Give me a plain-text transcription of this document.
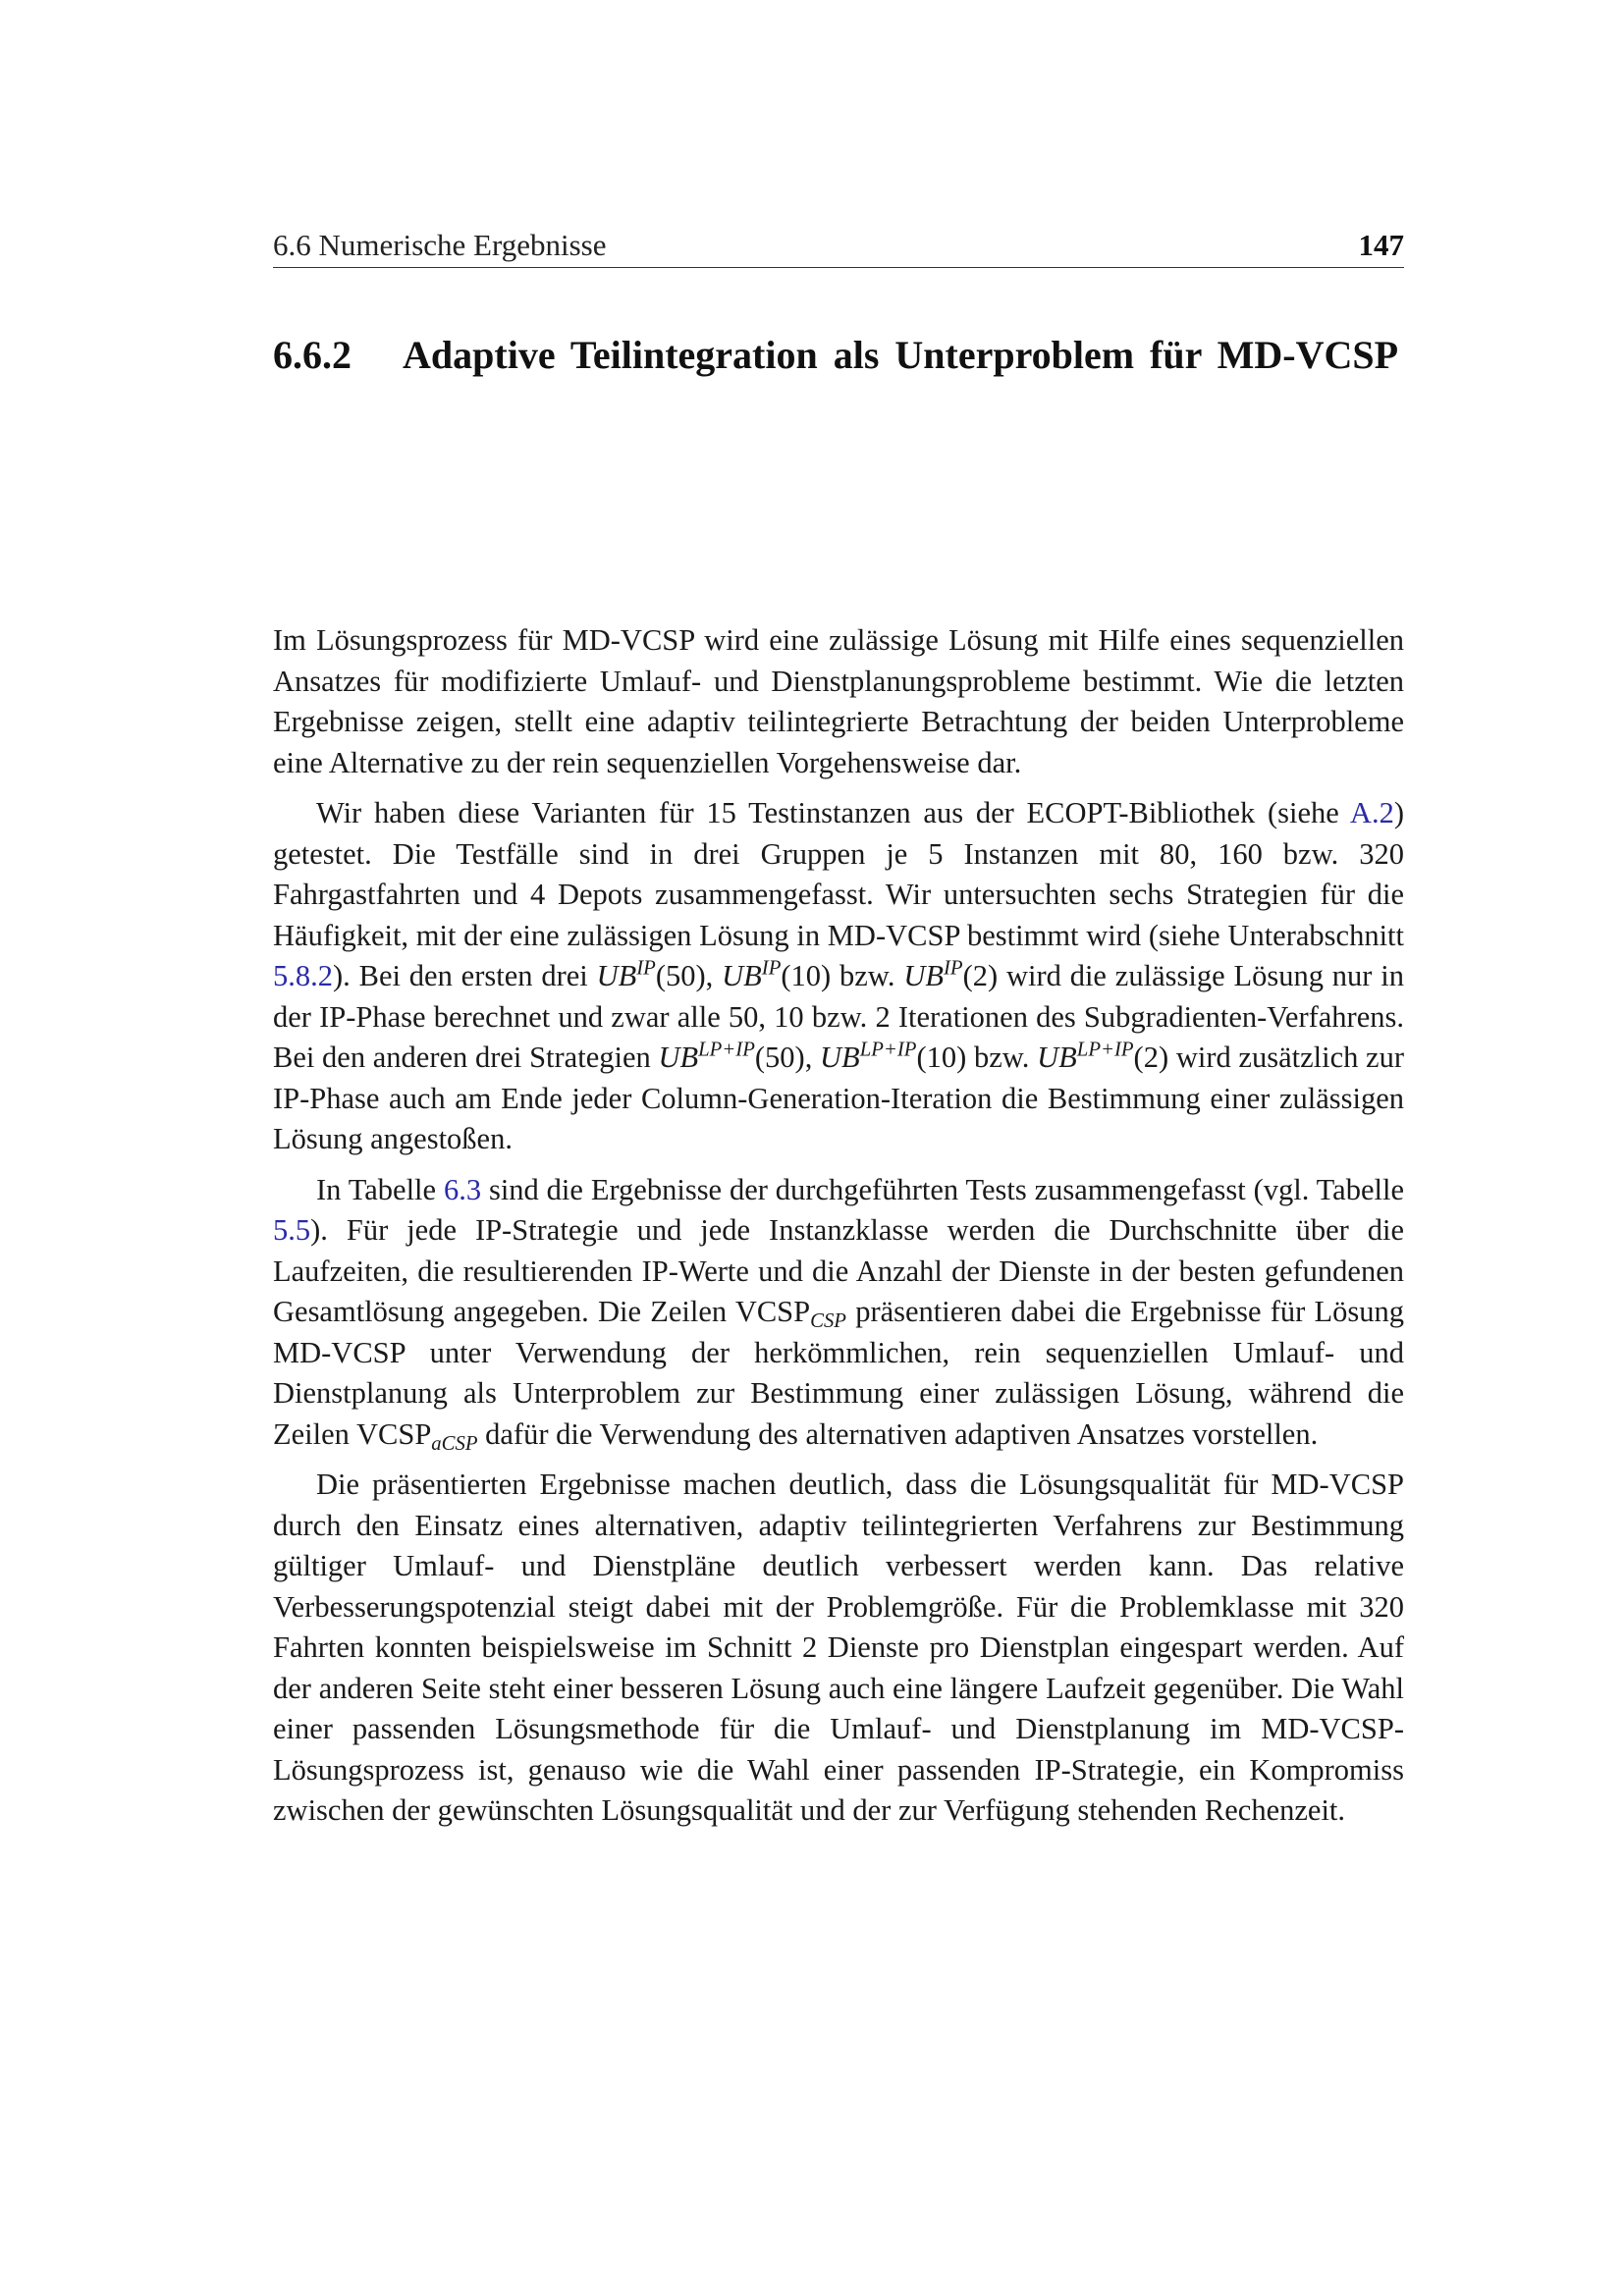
6.6 Numerische Ergebnisse	147
6.6.2 Adaptive Teilintegration als Unterproblem für MD-VCSP

Im Lösungsprozess für MD-VCSP wird eine zulässige Lösung mit Hilfe eines sequenziellen Ansatzes für modifizierte Umlauf- und Dienstplanungsprobleme bestimmt. Wie die letzten Ergebnisse zeigen, stellt eine adaptiv teilintegrierte Betrachtung der beiden Unterprobleme eine Alternative zu der rein sequenziellen Vorgehensweise dar.

Wir haben diese Varianten für 15 Testinstanzen aus der ECOPT-Bibliothek (siehe A.2) getestet. Die Testfälle sind in drei Gruppen je 5 Instanzen mit 80, 160 bzw. 320 Fahrgastfahrten und 4 Depots zusammengefasst. Wir untersuchten sechs Strategien für die Häufigkeit, mit der eine zulässigen Lösung in MD-VCSP bestimmt wird (siehe Unterabschnitt 5.8.2). Bei den ersten drei $UB^{IP}(50)$, $UB^{IP}(10)$ bzw. $UB^{IP}(2)$ wird die zulässige Lösung nur in der IP-Phase berechnet und zwar alle 50, 10 bzw. 2 Iterationen des Subgradienten-Verfahrens. Bei den anderen drei Strategien $UB^{LP+IP}(50)$, $UB^{LP+IP}(10)$ bzw. $UB^{LP+IP}(2)$ wird zusätzlich zur IP-Phase auch am Ende jeder Column-Generation-Iteration die Bestimmung einer zulässigen Lösung angestoßen.

In Tabelle 6.3 sind die Ergebnisse der durchgeführten Tests zusammengefasst (vgl. Tabelle 5.5). Für jede IP-Strategie und jede Instanzklasse werden die Durchschnitte über die Laufzeiten, die resultierenden IP-Werte und die Anzahl der Dienste in der besten gefundenen Gesamtlösung angegeben. Die Zeilen $VCSP_{CSP}$ präsentieren dabei die Ergebnisse für Lösung MD-VCSP unter Verwendung der herkömmlichen, rein sequenziellen Umlauf- und Dienstplanung als Unterproblem zur Bestimmung einer zulässigen Lösung, während die Zeilen $VCSP_{aCSP}$ dafür die Verwendung des alternativen adaptiven Ansatzes vorstellen.

Die präsentierten Ergebnisse machen deutlich, dass die Lösungsqualität für MD-VCSP durch den Einsatz eines alternativen, adaptiv teilintegrierten Verfahrens zur Bestimmung gültiger Umlauf- und Dienstpläne deutlich verbessert werden kann. Das relative Verbesserungspotenzial steigt dabei mit der Problemgröße. Für die Problemklasse mit 320 Fahrten konnten beispielsweise im Schnitt 2 Dienste pro Dienstplan eingespart werden. Auf der anderen Seite steht einer besseren Lösung auch eine längere Laufzeit gegenüber. Die Wahl einer passenden Lösungsmethode für die Umlauf- und Dienstplanung im MD-VCSP-Lösungsprozess ist, genauso wie die Wahl einer passenden IP-Strategie, ein Kompromiss zwischen der gewünschten Lösungsqualität und der zur Verfügung stehenden Rechenzeit.
